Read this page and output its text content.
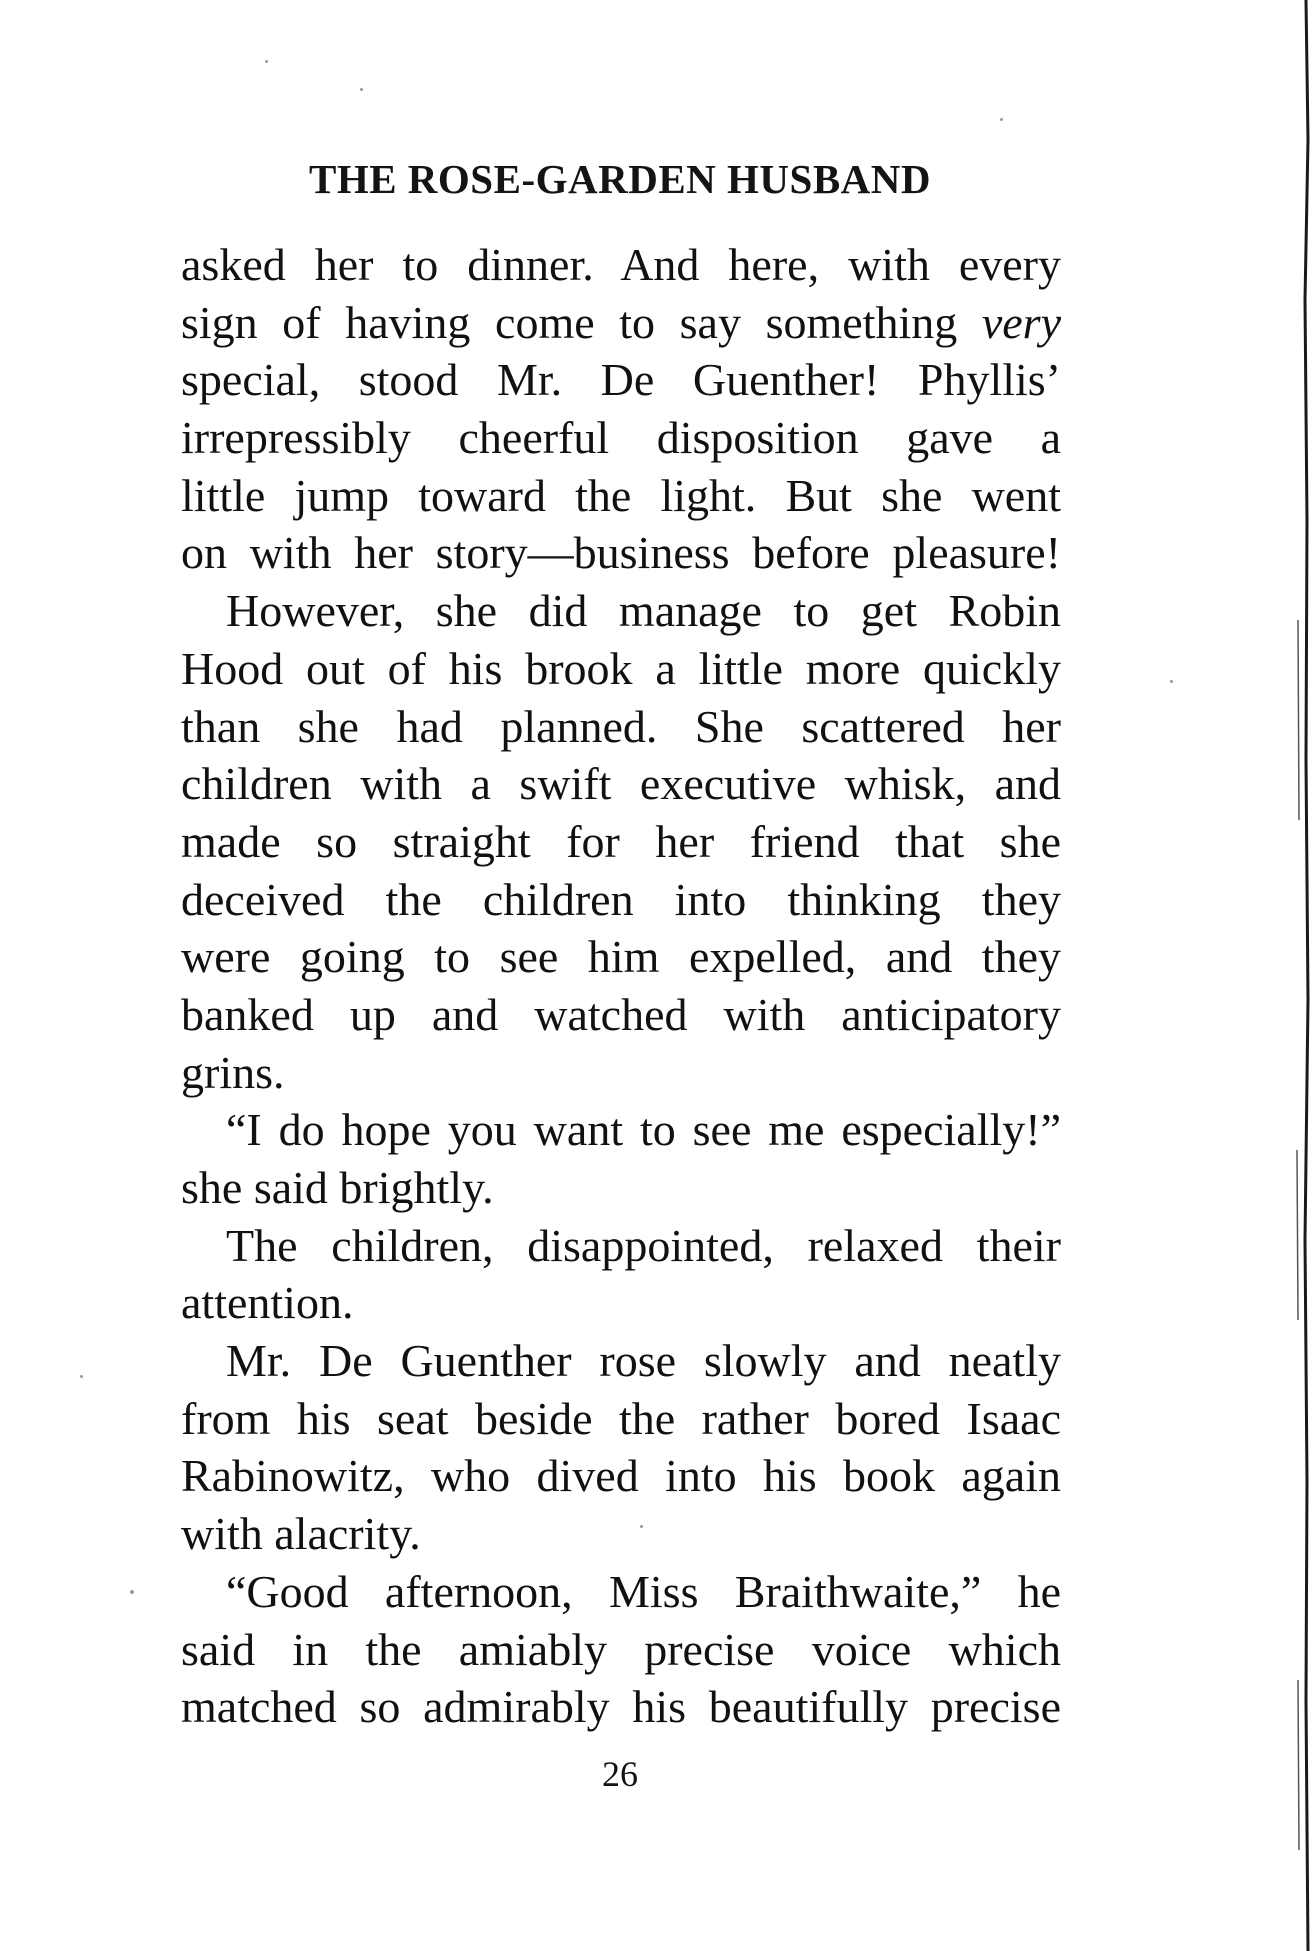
THE ROSE-GARDEN HUSBAND
asked her to dinner. And here, with every
sign of having come to say something very
special, stood Mr. De Guenther! Phyllis’
irrepressibly cheerful disposition gave a
little jump toward the light. But she went
on with her story—business before pleasure!
However, she did manage to get Robin
Hood out of his brook a little more quickly
than she had planned. She scattered her
children with a swift executive whisk, and
made so straight for her friend that she
deceived the children into thinking they
were going to see him expelled, and they
banked up and watched with anticipatory
grins.
“I do hope you want to see me especially!”
she said brightly.
The children, disappointed, relaxed their
attention.
Mr. De Guenther rose slowly and neatly
from his seat beside the rather bored Isaac
Rabinowitz, who dived into his book again
with alacrity.
“Good afternoon, Miss Braithwaite,” he
said in the amiably precise voice which
matched so admirably his beautifully precise
26
